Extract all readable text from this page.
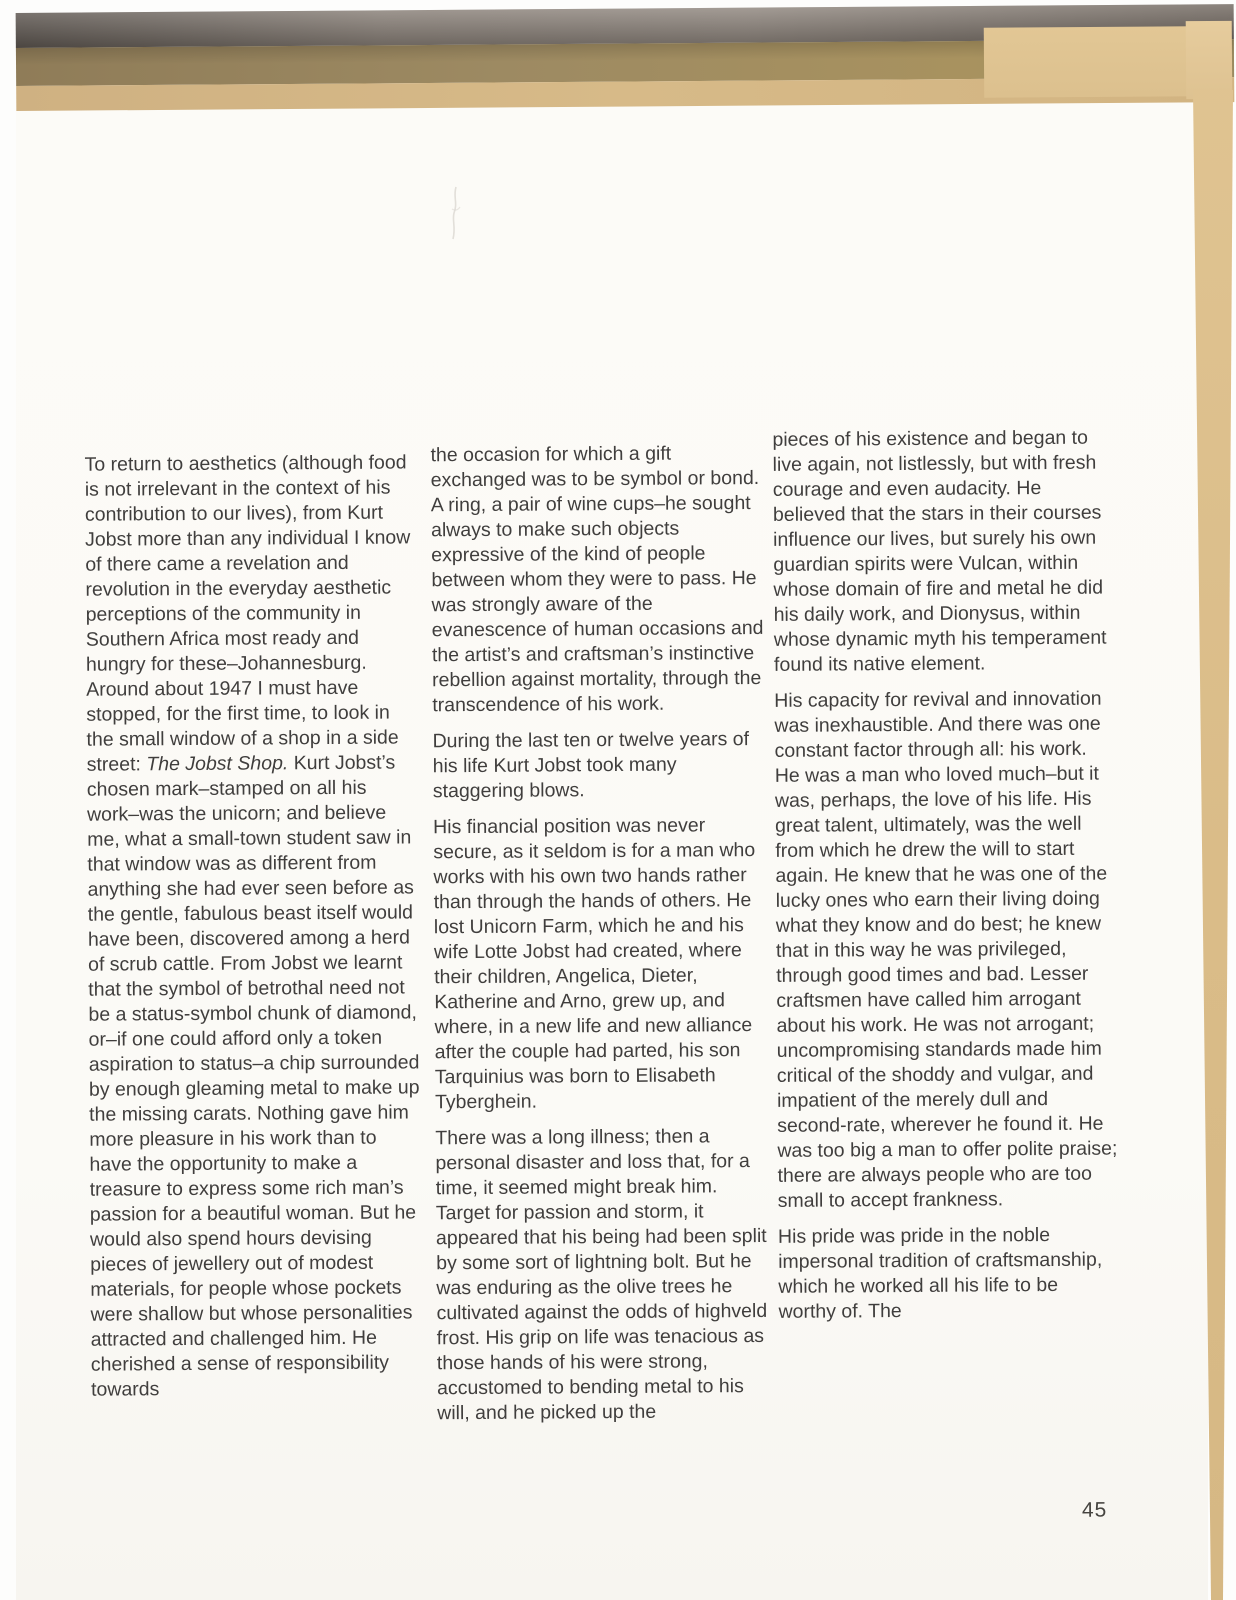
To return to aesthetics (although food is not irrelevant in the context of his contribution to our lives), from Kurt Jobst more than any individual I know of there came a revelation and revolution in the everyday aesthetic perceptions of the community in Southern Africa most ready and hungry for these–Johannesburg. Around about 1947 I must have stopped, for the first time, to look in the small window of a shop in a side street: The Jobst Shop. Kurt Jobst’s chosen mark–stamped on all his work–was the unicorn; and believe me, what a small-town student saw in that window was as different from anything she had ever seen before as the gentle, fabulous beast itself would have been, discovered among a herd of scrub cattle. From Jobst we learnt that the symbol of betrothal need not be a status-symbol chunk of diamond, or–if one could afford only a token aspiration to status–a chip surrounded by enough gleaming metal to make up the missing carats. Nothing gave him more pleasure in his work than to have the opportunity to make a treasure to express some rich man’s passion for a beautiful woman. But he would also spend hours devising pieces of jewellery out of modest materials, for people whose pockets were shallow but whose personalities attracted and challenged him. He cherished a sense of responsibility towards

the occasion for which a gift exchanged was to be symbol or bond. A ring, a pair of wine cups–he sought always to make such objects expressive of the kind of people between whom they were to pass. He was strongly aware of the evanescence of human occasions and the artist’s and craftsman’s instinctive rebellion against mortality, through the transcendence of his work.

During the last ten or twelve years of his life Kurt Jobst took many staggering blows.

His financial position was never secure, as it seldom is for a man who works with his own two hands rather than through the hands of others. He lost Unicorn Farm, which he and his wife Lotte Jobst had created, where their children, Angelica, Dieter, Katherine and Arno, grew up, and where, in a new life and new alliance after the couple had parted, his son Tarquinius was born to Elisabeth Tyberghein.

There was a long illness; then a personal disaster and loss that, for a time, it seemed might break him. Target for passion and storm, it appeared that his being had been split by some sort of lightning bolt. But he was enduring as the olive trees he cultivated against the odds of highveld frost. His grip on life was tenacious as those hands of his were strong, accustomed to bending metal to his will, and he picked up the

pieces of his existence and began to live again, not listlessly, but with fresh courage and even audacity. He believed that the stars in their courses influence our lives, but surely his own guardian spirits were Vulcan, within whose domain of fire and metal he did his daily work, and Dionysus, within whose dynamic myth his temperament found its native element.

His capacity for revival and innovation was inexhaustible. And there was one constant factor through all: his work. He was a man who loved much–but it was, perhaps, the love of his life. His great talent, ultimately, was the well from which he drew the will to start again. He knew that he was one of the lucky ones who earn their living doing what they know and do best; he knew that in this way he was privileged, through good times and bad. Lesser craftsmen have called him arrogant about his work. He was not arrogant; uncompromising standards made him critical of the shoddy and vulgar, and impatient of the merely dull and second-rate, wherever he found it. He was too big a man to offer polite praise; there are always people who are too small to accept frankness.

His pride was pride in the noble impersonal tradition of craftsmanship, which he worked all his life to be worthy of. The

45
